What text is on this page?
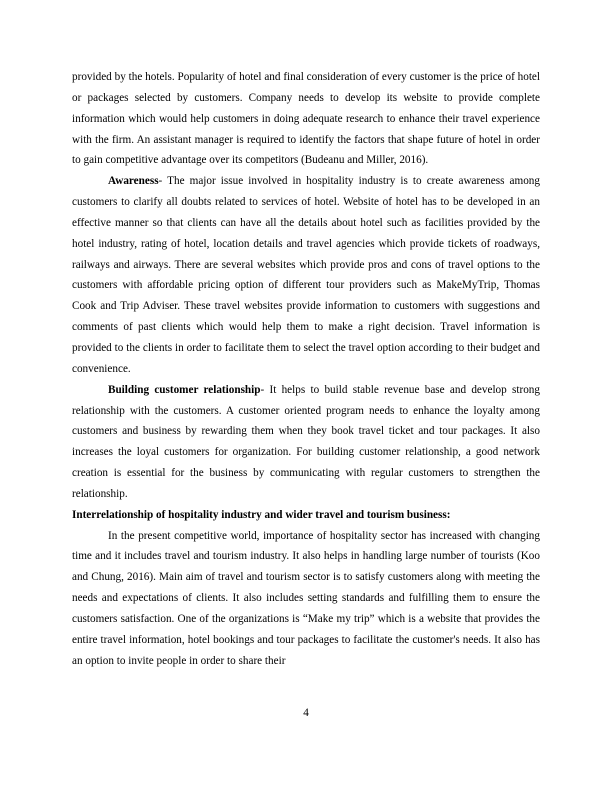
provided by the hotels. Popularity of hotel and final consideration of every customer is the price of hotel or packages selected by customers. Company needs to develop its website to provide complete information which would help customers in doing adequate research to enhance their travel experience with the firm. An assistant manager is required to identify the factors that shape future of hotel in order to gain competitive advantage over its competitors (Budeanu and Miller, 2016).

Awareness- The major issue involved in hospitality industry is to create awareness among customers to clarify all doubts related to services of hotel. Website of hotel has to be developed in an effective manner so that clients can have all the details about hotel such as facilities provided by the hotel industry, rating of hotel, location details and travel agencies which provide tickets of roadways, railways and airways. There are several websites which provide pros and cons of travel options to the customers with affordable pricing option of different tour providers such as MakeMyTrip, Thomas Cook and Trip Adviser. These travel websites provide information to customers with suggestions and comments of past clients which would help them to make a right decision. Travel information is provided to the clients in order to facilitate them to select the travel option according to their budget and convenience.

Building customer relationship- It helps to build stable revenue base and develop strong relationship with the customers. A customer oriented program needs to enhance the loyalty among customers and business by rewarding them when they book travel ticket and tour packages. It also increases the loyal customers for organization. For building customer relationship, a good network creation is essential for the business by communicating with regular customers to strengthen the relationship.

Interrelationship of hospitality industry and wider travel and tourism business:

In the present competitive world, importance of hospitality sector has increased with changing time and it includes travel and tourism industry. It also helps in handling large number of tourists (Koo and Chung, 2016). Main aim of travel and tourism sector is to satisfy customers along with meeting the needs and expectations of clients. It also includes setting standards and fulfilling them to ensure the customers satisfaction. One of the organizations is “Make my trip” which is a website that provides the entire travel information, hotel bookings and tour packages to facilitate the customer's needs. It also has an option to invite people in order to share their

4
